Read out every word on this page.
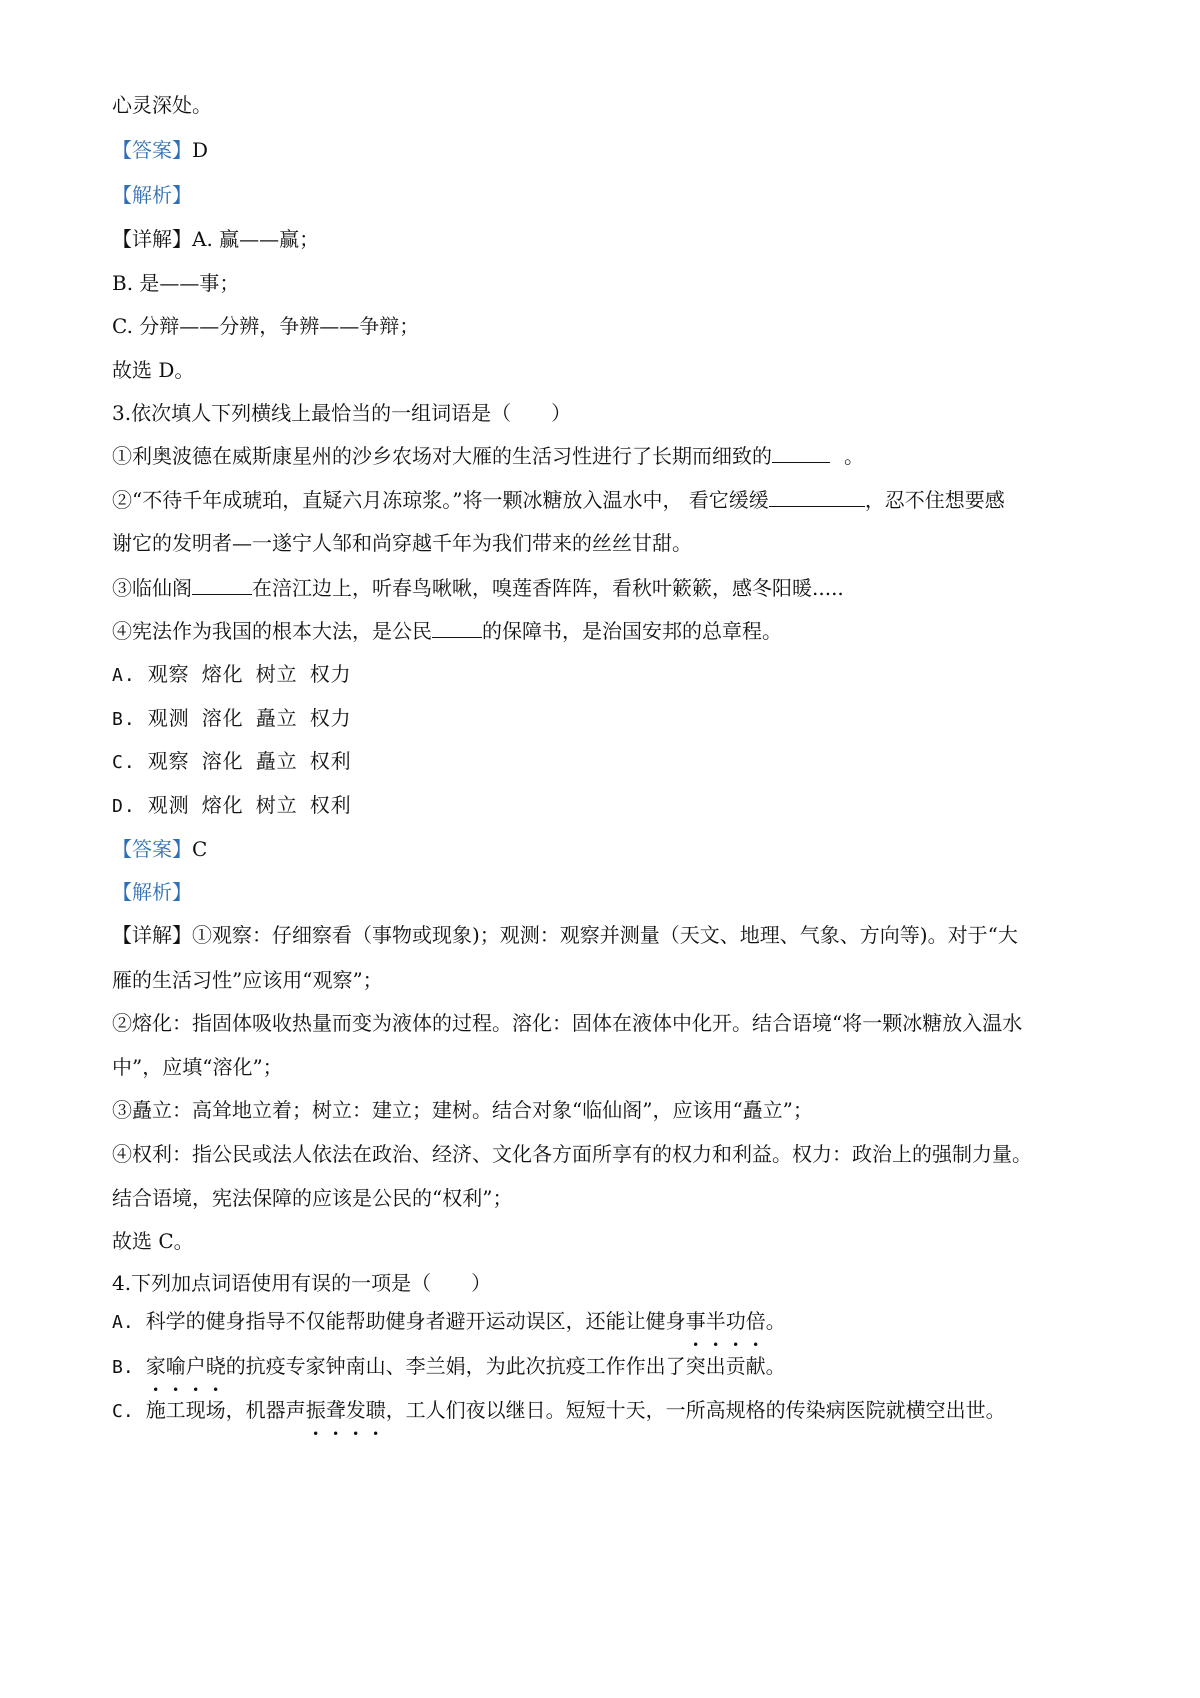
心灵深处。
【答案】D
【解析】
【详解】A. 赢——赢；
B. 是——事；
C. 分辩——分辨，争辨——争辩；
故选 D。
3.依次填人下列横线上最恰当的一组词语是（　　）
①利奥波德在威斯康星州的沙乡农场对大雁的生活习性进行了长期而细致的	。
②“不待千年成琥珀，直疑六月冻琼浆。”将一颗冰糖放入温水中， 看它缓缓	，忍不住想要感
谢它的发明者—一遂宁人邹和尚穿越千年为我们带来的丝丝甘甜。
③临仙阁	在涪江边上，听春鸟啾啾，嗅莲香阵阵，看秋叶簌簌，感冬阳暖.....
④宪法作为我国的根本大法，是公民	的保障书，是治国安邦的总章程。
A. 观察 熔化 树立 权力
B. 观测 溶化 矗立 权力
C. 观察 溶化 矗立 权利
D. 观测 熔化 树立 权利
【答案】C
【解析】
【详解】①观察：仔细察看（事物或现象)；观测：观察并测量（天文、地理、气象、方向等)。对于“大
雁的生活习性”应该用“观察”；
②熔化：指固体吸收热量而变为液体的过程。溶化：固体在液体中化开。结合语境“将一颗冰糖放入温水
中”，应填“溶化”；
③矗立：高耸地立着；树立：建立；建树。结合对象“临仙阁”，应该用“矗立”；
④权利：指公民或法人依法在政治、经济、文化各方面所享有的权力和利益。权力：政治上的强制力量。
结合语境，宪法保障的应该是公民的“权利”；
故选 C。
4.下列加点词语使用有误的一项是（　　）
A. 科学的健身指导不仅能帮助健身者避开运动误区，还能让健身事半功倍。
B. 家喻户晓的抗疫专家钟南山、李兰娟，为此次抗疫工作作出了突出贡献。
C. 施工现场，机器声振聋发聩，工人们夜以继日。短短十天，一所高规格的传染病医院就横空出世。
